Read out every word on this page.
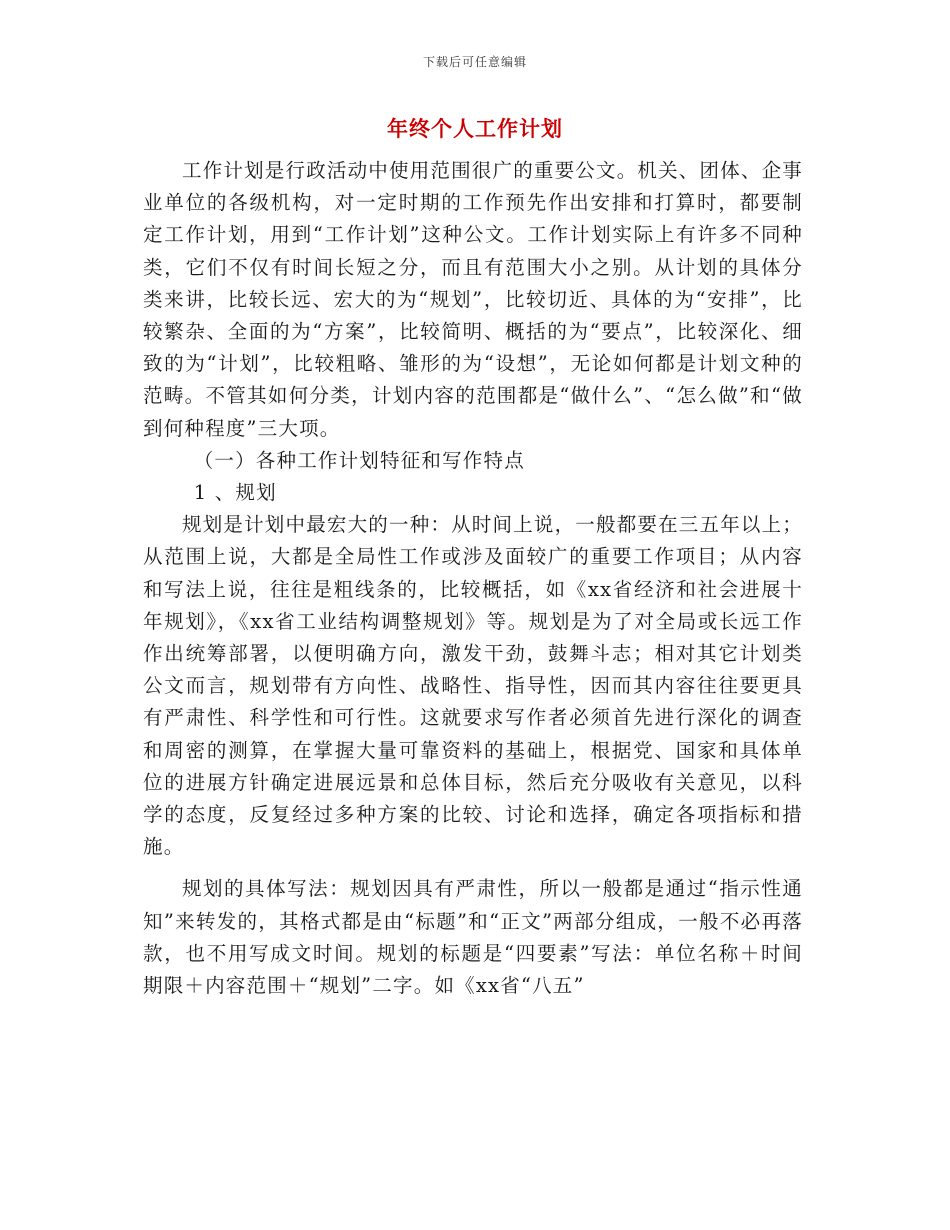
下载后可任意编辑
年终个人工作计划

工作计划是行政活动中使用范围很广的重要公文。机关、团体、企事业单位的各级机构，对一定时期的工作预先作出安排和打算时，都要制定工作计划，用到“工作计划”这种公文。工作计划实际上有许多不同种类，它们不仅有时间长短之分，而且有范围大小之别。从计划的具体分类来讲，比较长远、宏大的为“规划”，比较切近、具体的为“安排”，比较繁杂、全面的为“方案”，比较简明、概括的为“要点”，比较深化、细致的为“计划”，比较粗略、雏形的为“设想”，无论如何都是计划文种的范畴。不管其如何分类，计划内容的范围都是“做什么”、“怎么做”和“做到何种程度”三大项。

（一）各种工作计划特征和写作特点

1 、规划

规划是计划中最宏大的一种：从时间上说，一般都要在三五年以上；从范围上说，大都是全局性工作或涉及面较广的重要工作项目；从内容和写法上说，往往是粗线条的，比较概括，如《xx省经济和社会进展十年规划》，《xx省工业结构调整规划》等。规划是为了对全局或长远工作作出统筹部署，以便明确方向，激发干劲，鼓舞斗志；相对其它计划类公文而言，规划带有方向性、战略性、指导性，因而其内容往往要更具有严肃性、科学性和可行性。这就要求写作者必须首先进行深化的调查和周密的测算，在掌握大量可靠资料的基础上，根据党、国家和具体单位的进展方针确定进展远景和总体目标，然后充分吸收有关意见，以科学的态度，反复经过多种方案的比较、讨论和选择，确定各项指标和措施。

规划的具体写法：规划因具有严肃性，所以一般都是通过“指示性通知”来转发的，其格式都是由“标题”和“正文”两部分组成，一般不必再落款，也不用写成文时间。规划的标题是“四要素”写法：单位名称＋时间期限＋内容范围＋“规划”二字。如《xx省“八五”
